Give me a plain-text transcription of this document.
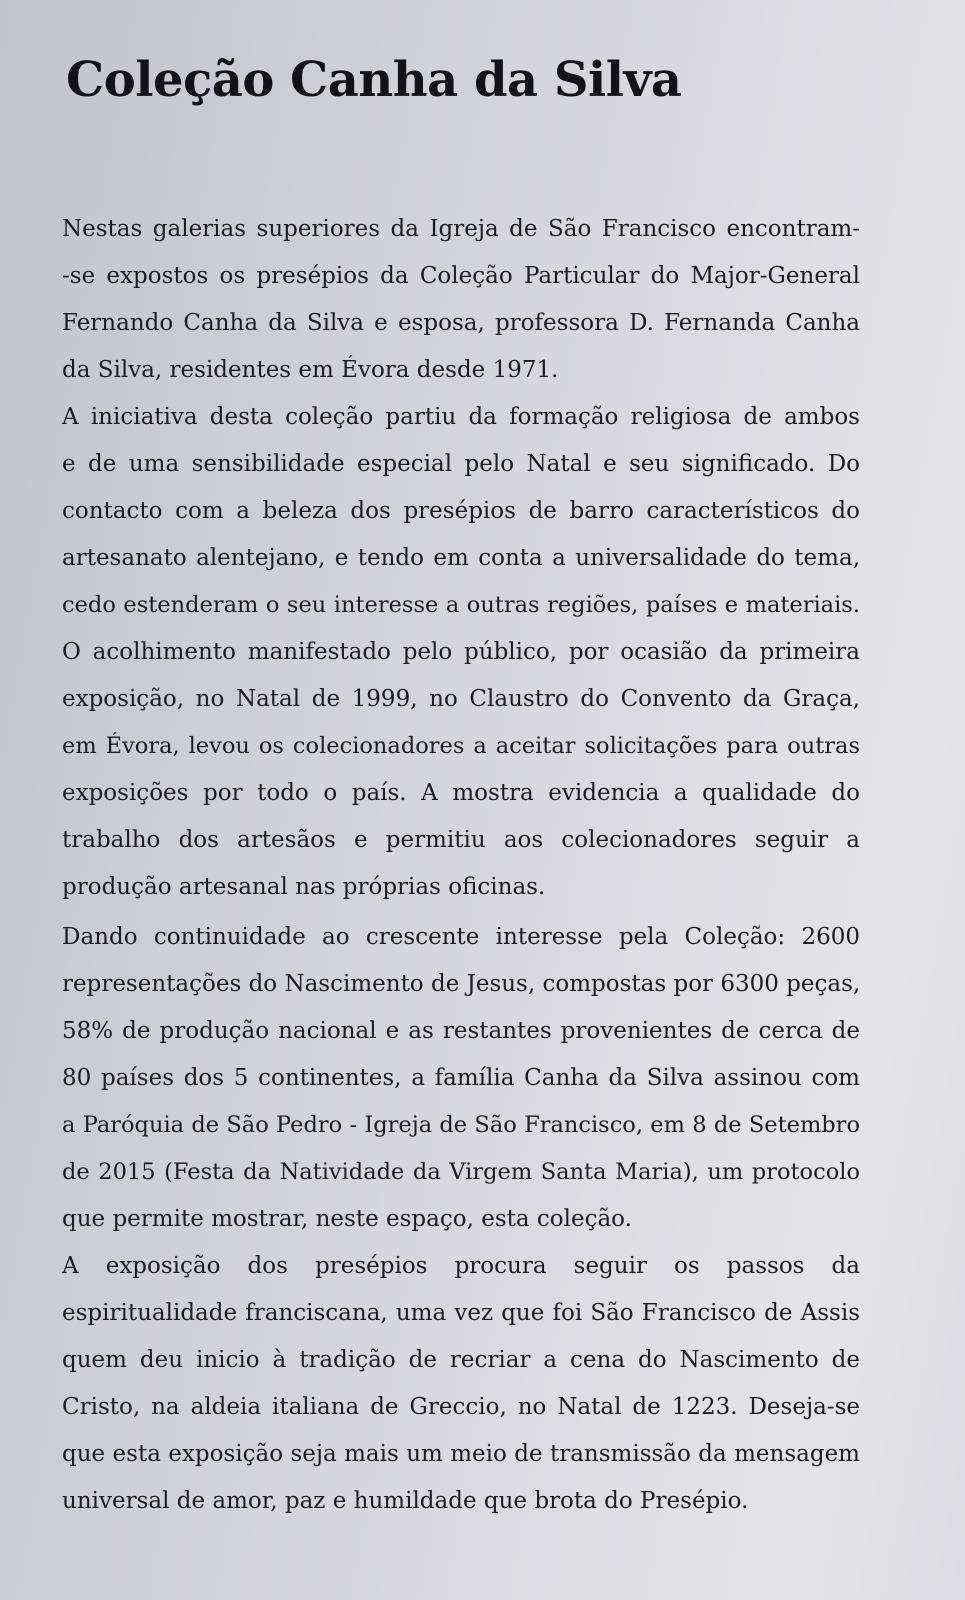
Coleção Canha da Silva

Nestas galerias superiores da Igreja de São Francisco encontram-

-se expostos os presépios da Coleção Particular do Major-General

Fernando Canha da Silva e esposa, professora D. Fernanda Canha

da Silva, residentes em Évora desde 1971.

A iniciativa desta coleção partiu da formação religiosa de ambos

e de uma sensibilidade especial pelo Natal e seu significado. Do

contacto com a beleza dos presépios de barro característicos do

artesanato alentejano, e tendo em conta a universalidade do tema,

cedo estenderam o seu interesse a outras regiões, países e materiais.

O acolhimento manifestado pelo público, por ocasião da primeira

exposição, no Natal de 1999, no Claustro do Convento da Graça,

em Évora, levou os colecionadores a aceitar solicitações para outras

exposições por todo o país. A mostra evidencia a qualidade do

trabalho dos artesãos e permitiu aos colecionadores seguir a

produção artesanal nas próprias oficinas.

Dando continuidade ao crescente interesse pela Coleção: 2600

representações do Nascimento de Jesus, compostas por 6300 peças,

58% de produção nacional e as restantes provenientes de cerca de

80 países dos 5 continentes, a família Canha da Silva assinou com

a Paróquia de São Pedro - Igreja de São Francisco, em 8 de Setembro

de 2015 (Festa da Natividade da Virgem Santa Maria), um protocolo

que permite mostrar, neste espaço, esta coleção.

A exposição dos presépios procura seguir os passos da

espiritualidade franciscana, uma vez que foi São Francisco de Assis

quem deu inicio à tradição de recriar a cena do Nascimento de

Cristo, na aldeia italiana de Greccio, no Natal de 1223. Deseja-se

que esta exposição seja mais um meio de transmissão da mensagem

universal de amor, paz e humildade que brota do Presépio.
